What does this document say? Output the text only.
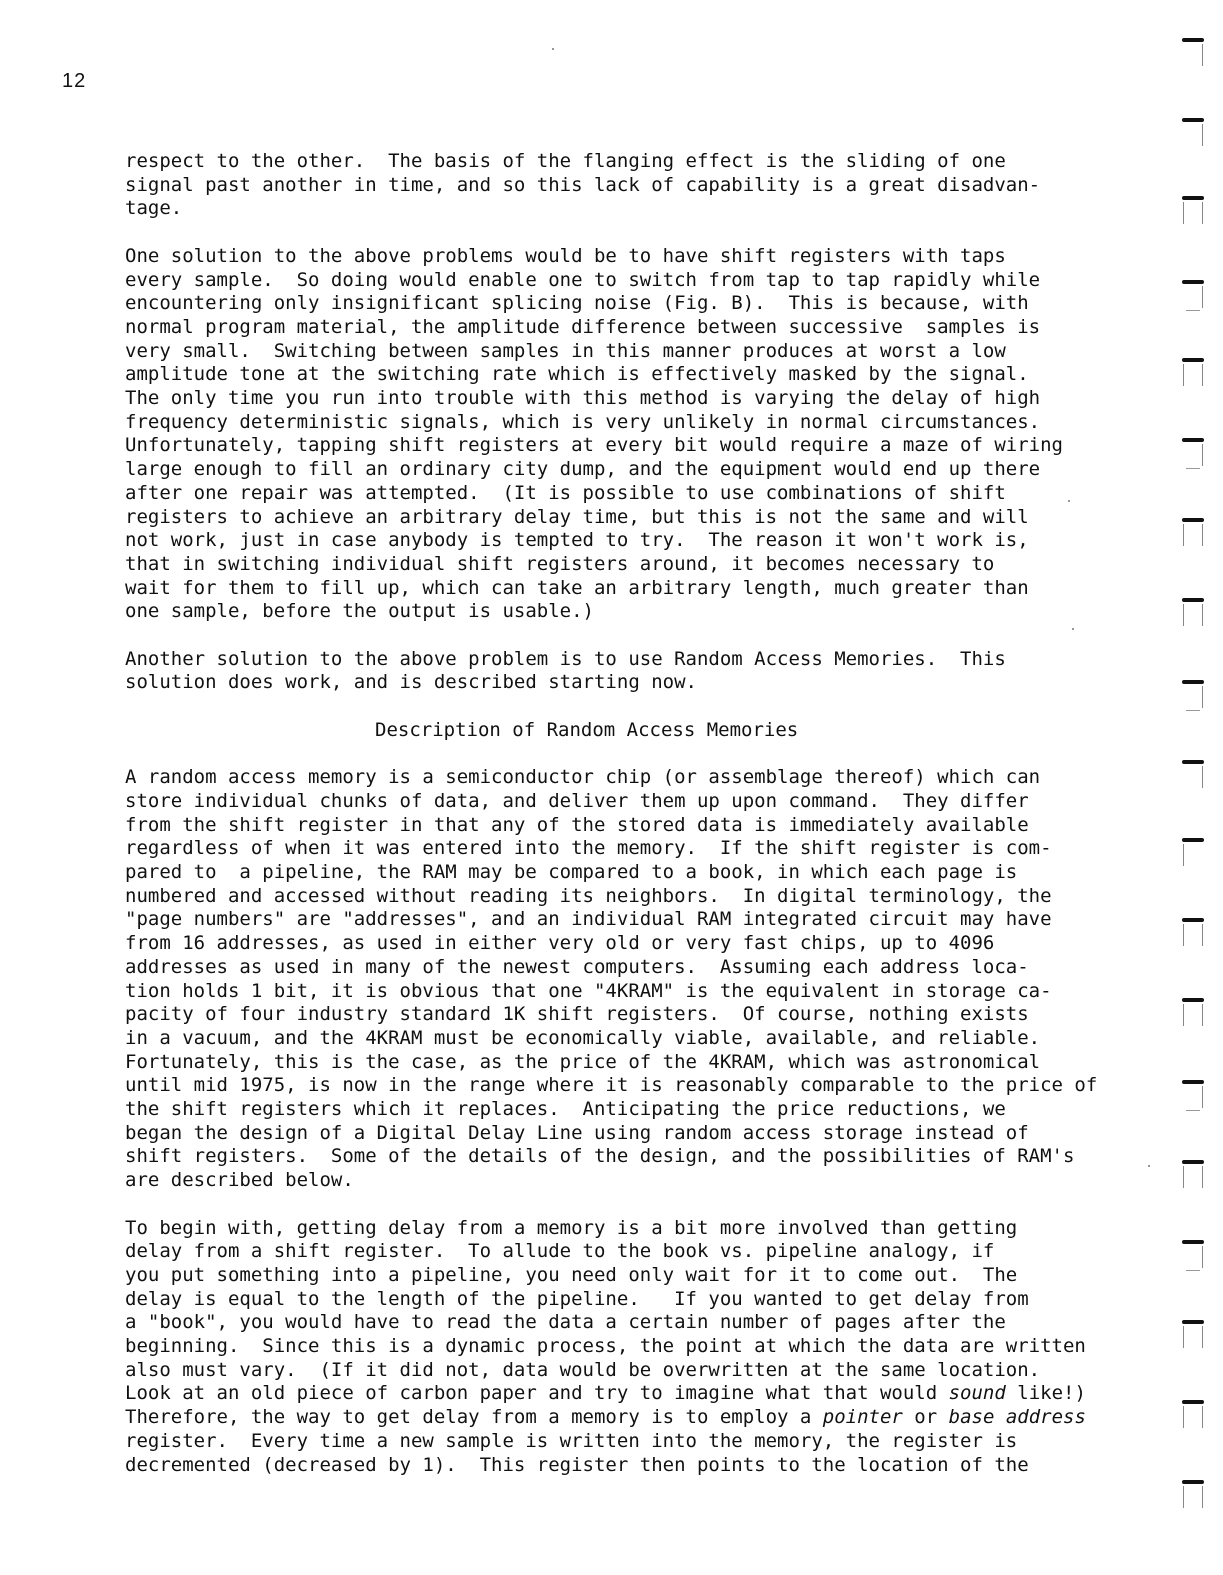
12
respect to the other.  The basis of the flanging effect is the sliding of one
signal past another in time, and so this lack of capability is a great disadvan-
tage.
One solution to the above problems would be to have shift registers with taps
every sample.  So doing would enable one to switch from tap to tap rapidly while
encountering only insignificant splicing noise (Fig. B).  This is because, with
normal program material, the amplitude difference between successive  samples is
very small.  Switching between samples in this manner produces at worst a low
amplitude tone at the switching rate which is effectively masked by the signal.
The only time you run into trouble with this method is varying the delay of high
frequency deterministic signals, which is very unlikely in normal circumstances.
Unfortunately, tapping shift registers at every bit would require a maze of wiring
large enough to fill an ordinary city dump, and the equipment would end up there
after one repair was attempted.  (It is possible to use combinations of shift
registers to achieve an arbitrary delay time, but this is not the same and will
not work, just in case anybody is tempted to try.  The reason it won't work is,
that in switching individual shift registers around, it becomes necessary to
wait for them to fill up, which can take an arbitrary length, much greater than
one sample, before the output is usable.)
Another solution to the above problem is to use Random Access Memories.  This
solution does work, and is described starting now.
Description of Random Access Memories
A random access memory is a semiconductor chip (or assemblage thereof) which can
store individual chunks of data, and deliver them up upon command.  They differ
from the shift register in that any of the stored data is immediately available
regardless of when it was entered into the memory.  If the shift register is com-
pared to  a pipeline, the RAM may be compared to a book, in which each page is
numbered and accessed without reading its neighbors.  In digital terminology, the
"page numbers" are "addresses", and an individual RAM integrated circuit may have
from 16 addresses, as used in either very old or very fast chips, up to 4096
addresses as used in many of the newest computers.  Assuming each address loca-
tion holds 1 bit, it is obvious that one "4KRAM" is the equivalent in storage ca-
pacity of four industry standard 1K shift registers.  Of course, nothing exists
in a vacuum, and the 4KRAM must be economically viable, available, and reliable.
Fortunately, this is the case, as the price of the 4KRAM, which was astronomical
until mid 1975, is now in the range where it is reasonably comparable to the price of
the shift registers which it replaces.  Anticipating the price reductions, we
began the design of a Digital Delay Line using random access storage instead of
shift registers.  Some of the details of the design, and the possibilities of RAM's
are described below.
To begin with, getting delay from a memory is a bit more involved than getting
delay from a shift register.  To allude to the book vs. pipeline analogy, if
you put something into a pipeline, you need only wait for it to come out.  The
delay is equal to the length of the pipeline.   If you wanted to get delay from
a "book", you would have to read the data a certain number of pages after the
beginning.  Since this is a dynamic process, the point at which the data are written
also must vary.  (If it did not, data would be overwritten at the same location.
Look at an old piece of carbon paper and try to imagine what that would sound like!)
Therefore, the way to get delay from a memory is to employ a pointer or base address
register.  Every time a new sample is written into the memory, the register is
decremented (decreased by 1).  This register then points to the location of the
